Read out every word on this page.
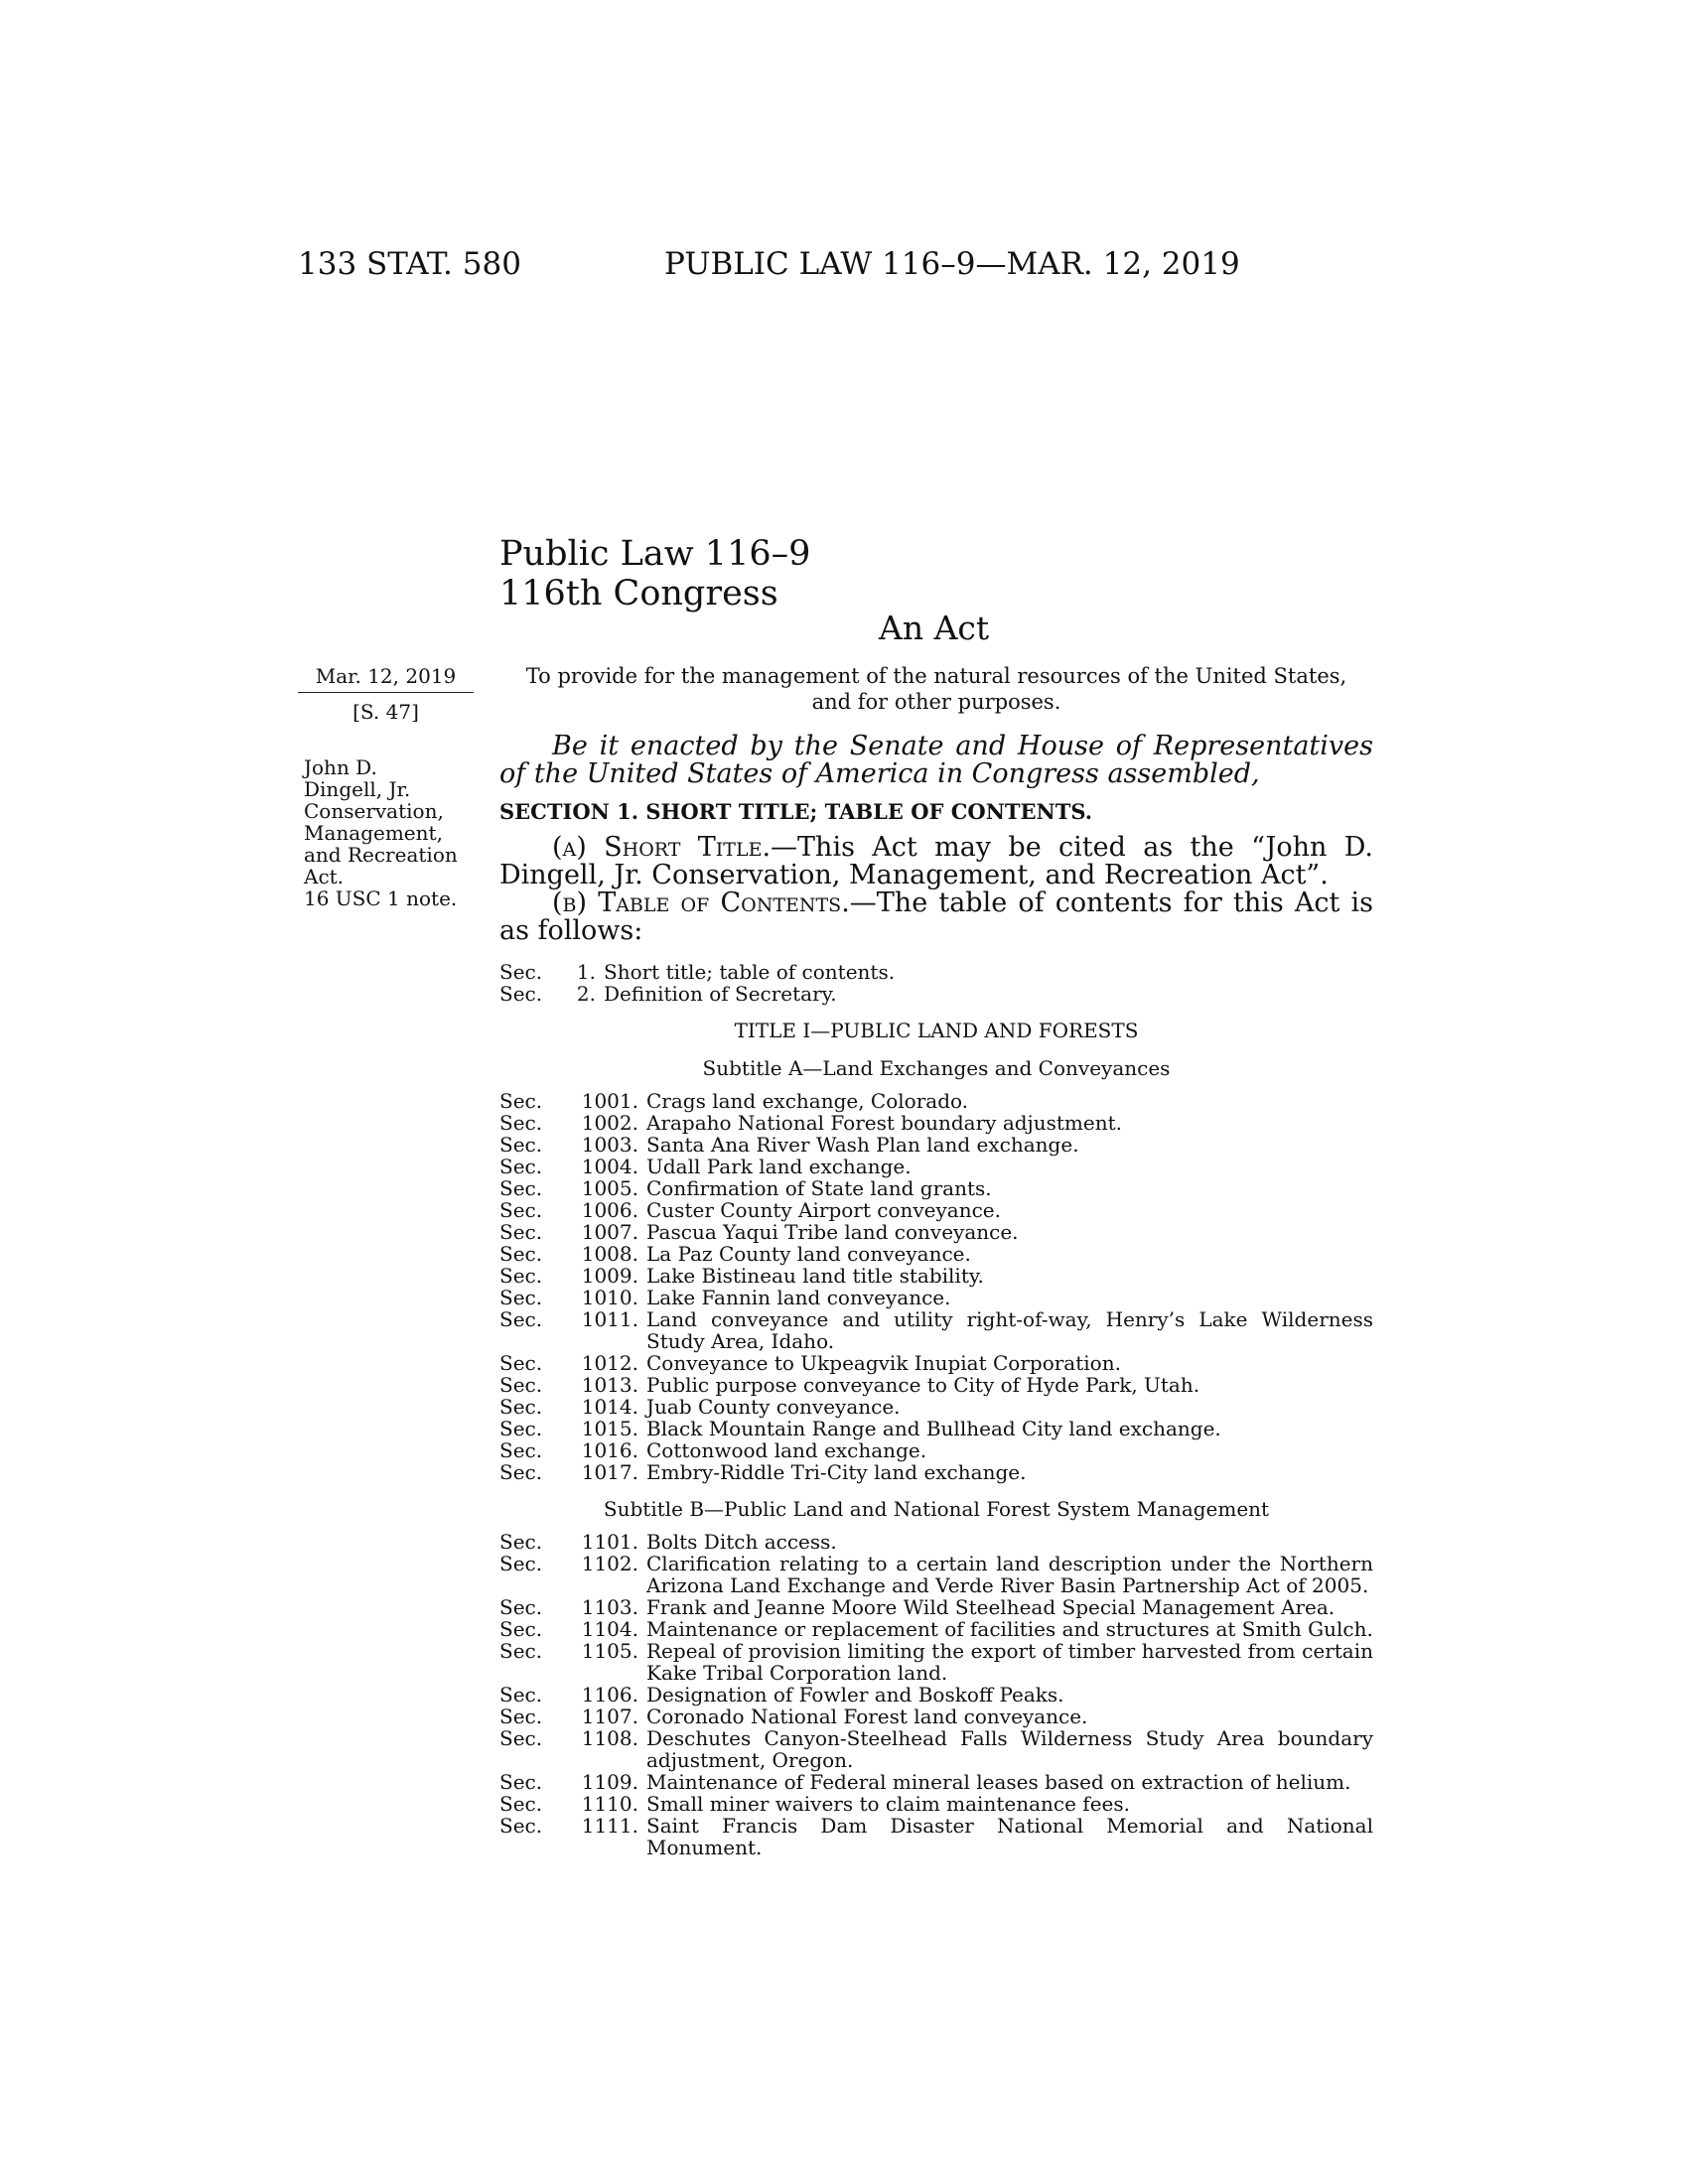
133 STAT. 580	PUBLIC LAW 116–9—MAR. 12, 2019
Public Law 116–9
116th Congress
An Act
Mar. 12, 2019
[S. 47]
John D.
Dingell, Jr.
Conservation,
Management,
and Recreation
Act.
16 USC 1 note.
To provide for the management of the natural resources of the United States,
and for other purposes.

Be it enacted by the Senate and House of Representatives of the United States of America in Congress assembled,

SECTION 1. SHORT TITLE; TABLE OF CONTENTS.

(a) Short Title.—This Act may be cited as the “John D. Dingell, Jr. Conservation, Management, and Recreation Act”.

(b) Table of Contents.—The table of contents for this Act is as follows:

Sec.	1. Short title; table of contents.
Sec.	2. Definition of Secretary.
TITLE I—PUBLIC LAND AND FORESTS
Subtitle A—Land Exchanges and Conveyances
Sec.	1001. Crags land exchange, Colorado.
Sec.	1002. Arapaho National Forest boundary adjustment.
Sec.	1003. Santa Ana River Wash Plan land exchange.
Sec.	1004. Udall Park land exchange.
Sec.	1005. Confirmation of State land grants.
Sec.	1006. Custer County Airport conveyance.
Sec.	1007. Pascua Yaqui Tribe land conveyance.
Sec.	1008. La Paz County land conveyance.
Sec.	1009. Lake Bistineau land title stability.
Sec.	1010. Lake Fannin land conveyance.
Sec.	1011. Land conveyance and utility right-of-way, Henry’s Lake Wilderness Study Area, Idaho.
Sec.	1012. Conveyance to Ukpeagvik Inupiat Corporation.
Sec.	1013. Public purpose conveyance to City of Hyde Park, Utah.
Sec.	1014. Juab County conveyance.
Sec.	1015. Black Mountain Range and Bullhead City land exchange.
Sec.	1016. Cottonwood land exchange.
Sec.	1017. Embry-Riddle Tri-City land exchange.
Subtitle B—Public Land and National Forest System Management
Sec.	1101. Bolts Ditch access.
Sec.	1102. Clarification relating to a certain land description under the Northern Arizona Land Exchange and Verde River Basin Partnership Act of 2005.
Sec.	1103. Frank and Jeanne Moore Wild Steelhead Special Management Area.
Sec.	1104. Maintenance or replacement of facilities and structures at Smith Gulch.
Sec.	1105. Repeal of provision limiting the export of timber harvested from certain Kake Tribal Corporation land.
Sec.	1106. Designation of Fowler and Boskoff Peaks.
Sec.	1107. Coronado National Forest land conveyance.
Sec.	1108. Deschutes Canyon-Steelhead Falls Wilderness Study Area boundary adjustment, Oregon.
Sec.	1109. Maintenance of Federal mineral leases based on extraction of helium.
Sec.	1110. Small miner waivers to claim maintenance fees.
Sec.	1111. Saint Francis Dam Disaster National Memorial and National Monument.
